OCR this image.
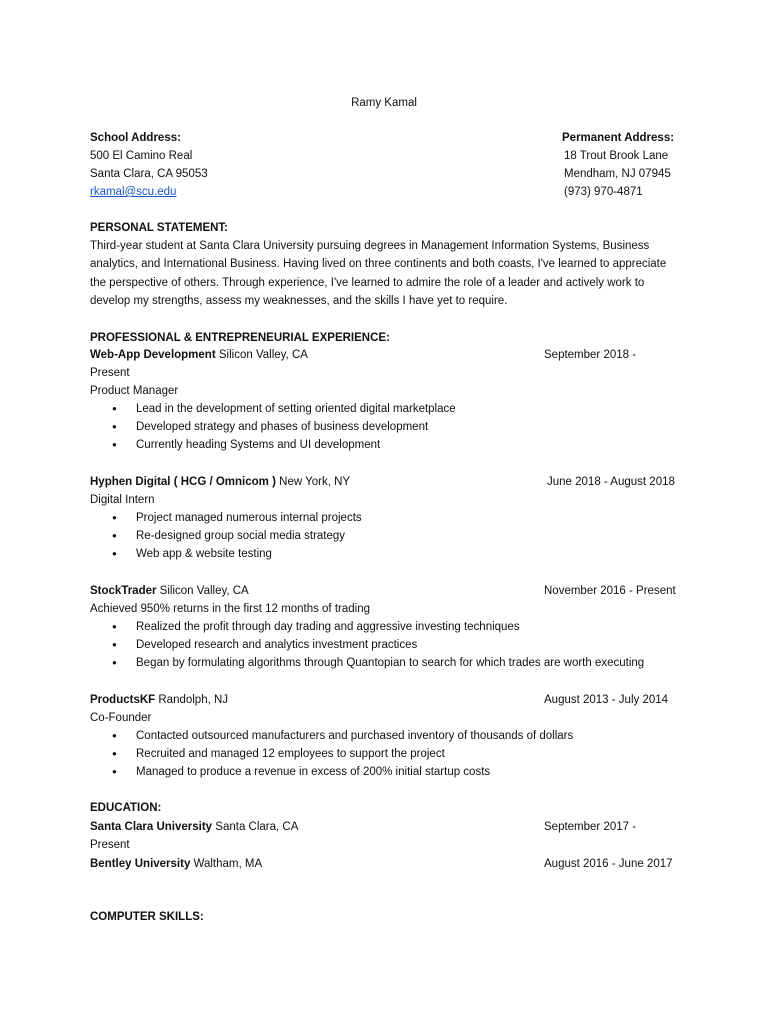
Ramy Kamal
School Address:
500 El Camino Real
Santa Clara, CA 95053
rkamal@scu.edu
Permanent Address:
18 Trout Brook Lane
Mendham, NJ 07945
(973) 970-4871
PERSONAL STATEMENT:
Third-year student at Santa Clara University pursuing degrees in Management Information Systems, Business analytics, and International Business. Having lived on three continents and both coasts, I've learned to appreciate the perspective of others. Through experience, I've learned to admire the role of a leader and actively work to develop my strengths, assess my weaknesses, and the skills I have yet to require.
PROFESSIONAL & ENTREPRENEURIAL EXPERIENCE:
Web-App Development Silicon Valley, CA	September 2018 -
Present
Product Manager
● Lead in the development of setting oriented digital marketplace
● Developed strategy and phases of business development
● Currently heading Systems and UI development
Hyphen Digital ( HCG / Omnicom ) New York, NY	June 2018 - August 2018
Digital Intern
● Project managed numerous internal projects
● Re-designed group social media strategy
● Web app & website testing
StockTrader Silicon Valley, CA	November 2016 - Present
Achieved 950% returns in the first 12 months of trading
● Realized the profit through day trading and aggressive investing techniques
● Developed research and analytics investment practices
● Began by formulating algorithms through Quantopian to search for which trades are worth executing
ProductsKF Randolph, NJ	August 2013 - July 2014
Co-Founder
● Contacted outsourced manufacturers and purchased inventory of thousands of dollars
● Recruited and managed 12 employees to support the project
● Managed to produce a revenue in excess of 200% initial startup costs
EDUCATION:
Santa Clara University Santa Clara, CA	September 2017 -
Present
Bentley University Waltham, MA	August 2016 - June 2017
COMPUTER SKILLS:
